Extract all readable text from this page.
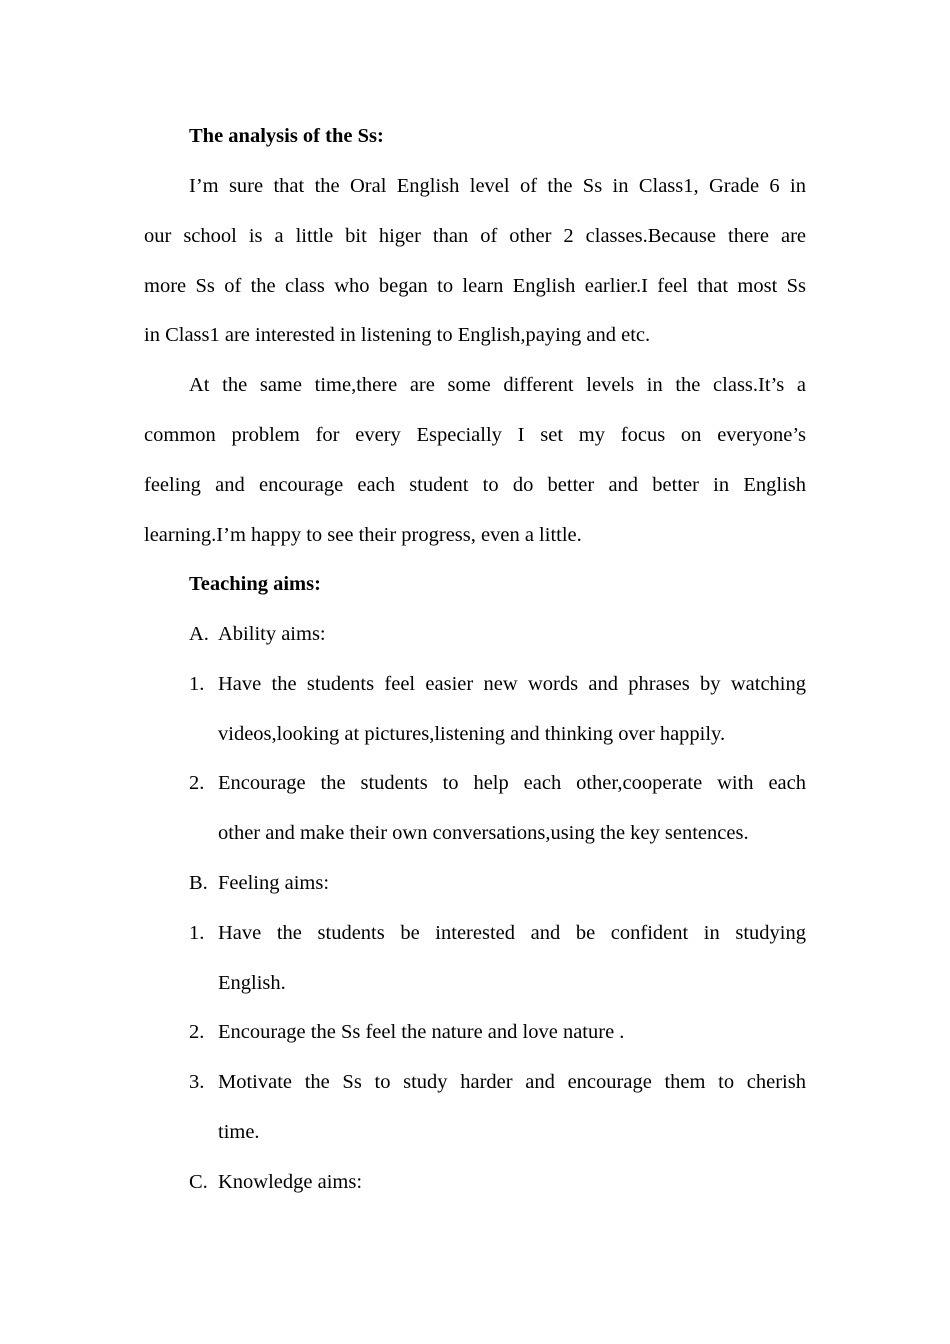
The analysis of the Ss:

I’m sure that the Oral English level of the Ss in Class1, Grade 6 in

our school is a little bit higer than of other 2 classes.Because there are

more Ss of the class who began to learn English earlier.I feel that most Ss

in Class1 are interested in listening to English,paying and etc.

At the same time,there are some different levels in the class.It’s a

common problem for every Especially I set my focus on everyone’s

feeling and encourage each student to do better and better in English

learning.I’m happy to see their progress, even a little.

Teaching aims:

A. Ability aims:

1. Have the students feel easier new words and phrases by watching

videos,looking at pictures,listening and thinking over happily.

2. Encourage the students to help each other,cooperate with each

other and make their own conversations,using the key sentences.

B. Feeling aims:

1. Have the students be interested and be confident in studying

English.

2. Encourage the Ss feel the nature and love nature .

3. Motivate the Ss to study harder and encourage them to cherish

time.

C. Knowledge aims:
